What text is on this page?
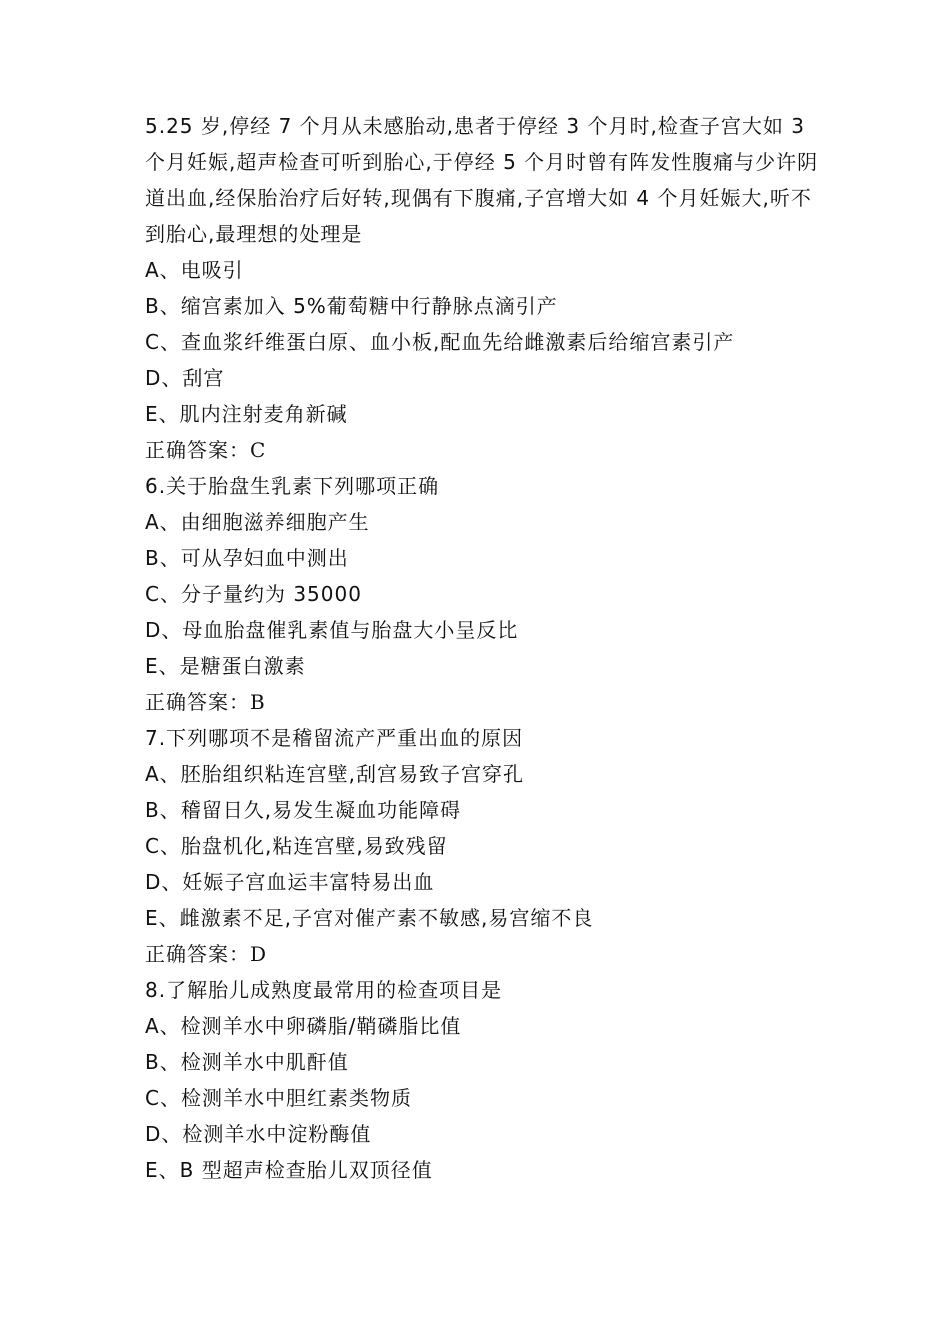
5.25 岁,停经 7 个月从未感胎动,患者于停经 3 个月时,检查子宫大如 3 个月妊娠,超声检查可听到胎心,于停经 5 个月时曾有阵发性腹痛与少许阴道出血,经保胎治疗后好转,现偶有下腹痛,子宫增大如 4 个月妊娠大,听不到胎心,最理想的处理是

A、电吸引

B、缩宫素加入 5%葡萄糖中行静脉点滴引产

C、查血浆纤维蛋白原、血小板,配血先给雌激素后给缩宫素引产

D、刮宫

E、肌内注射麦角新碱

正确答案：C

6.关于胎盘生乳素下列哪项正确

A、由细胞滋养细胞产生

B、可从孕妇血中测出

C、分子量约为 35000

D、母血胎盘催乳素值与胎盘大小呈反比

E、是糖蛋白激素

正确答案：B

7.下列哪项不是稽留流产严重出血的原因

A、胚胎组织粘连宫壁,刮宫易致子宫穿孔

B、稽留日久,易发生凝血功能障碍

C、胎盘机化,粘连宫壁,易致残留

D、妊娠子宫血运丰富特易出血

E、雌激素不足,子宫对催产素不敏感,易宫缩不良

正确答案：D

8.了解胎儿成熟度最常用的检查项目是

A、检测羊水中卵磷脂/鞘磷脂比值

B、检测羊水中肌酐值

C、检测羊水中胆红素类物质

D、检测羊水中淀粉酶值

E、B 型超声检查胎儿双顶径值
